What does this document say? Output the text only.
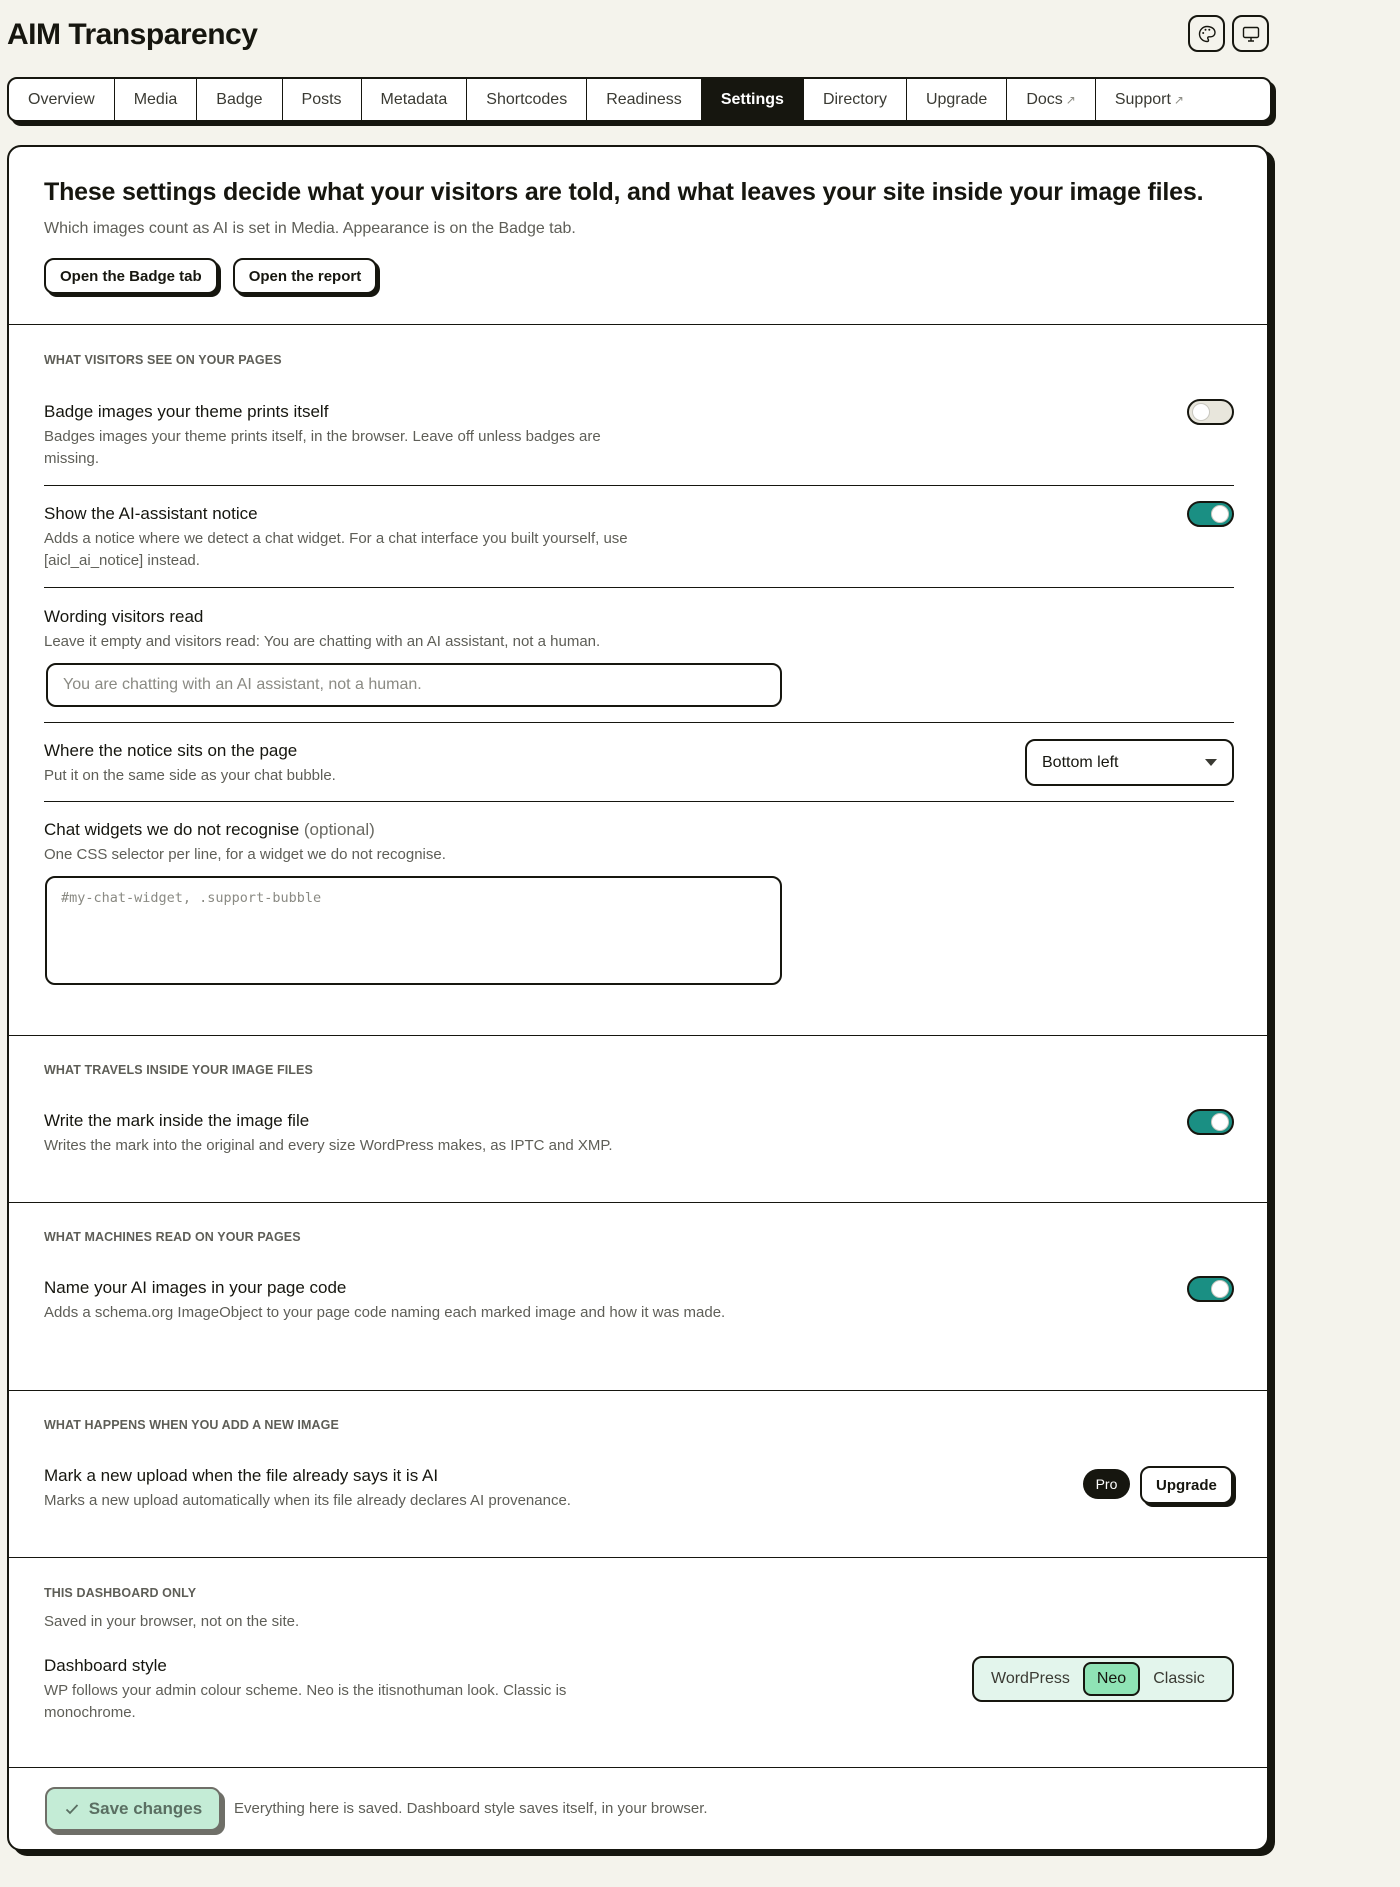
AIM Transparency
Overview Media Badge Posts Metadata Shortcodes Readiness Settings Directory Upgrade Docs ↗ Support ↗
These settings decide what your visitors are told, and what leaves your site inside your image files.
Which images count as AI is set in Media. Appearance is on the Badge tab.
Open the Badge tab	Open the report
WHAT VISITORS SEE ON YOUR PAGES
Badge images your theme prints itself
Badges images your theme prints itself, in the browser. Leave off unless badges are missing.
Show the AI-assistant notice
Adds a notice where we detect a chat widget. For a chat interface you built yourself, use [aicl_ai_notice] instead.
Wording visitors read
Leave it empty and visitors read: You are chatting with an AI assistant, not a human.
You are chatting with an AI assistant, not a human.
Where the notice sits on the page
Put it on the same side as your chat bubble.
Bottom left
Chat widgets we do not recognise (optional)
One CSS selector per line, for a widget we do not recognise.
#my-chat-widget, .support-bubble
WHAT TRAVELS INSIDE YOUR IMAGE FILES
Write the mark inside the image file
Writes the mark into the original and every size WordPress makes, as IPTC and XMP.
WHAT MACHINES READ ON YOUR PAGES
Name your AI images in your page code
Adds a schema.org ImageObject to your page code naming each marked image and how it was made.
WHAT HAPPENS WHEN YOU ADD A NEW IMAGE
Mark a new upload when the file already says it is AI
Marks a new upload automatically when its file already declares AI provenance.
Pro	Upgrade
THIS DASHBOARD ONLY
Saved in your browser, not on the site.
Dashboard style
WP follows your admin colour scheme. Neo is the itisnothuman look. Classic is monochrome.
WordPress	Neo	Classic
Save changes Everything here is saved. Dashboard style saves itself, in your browser.
